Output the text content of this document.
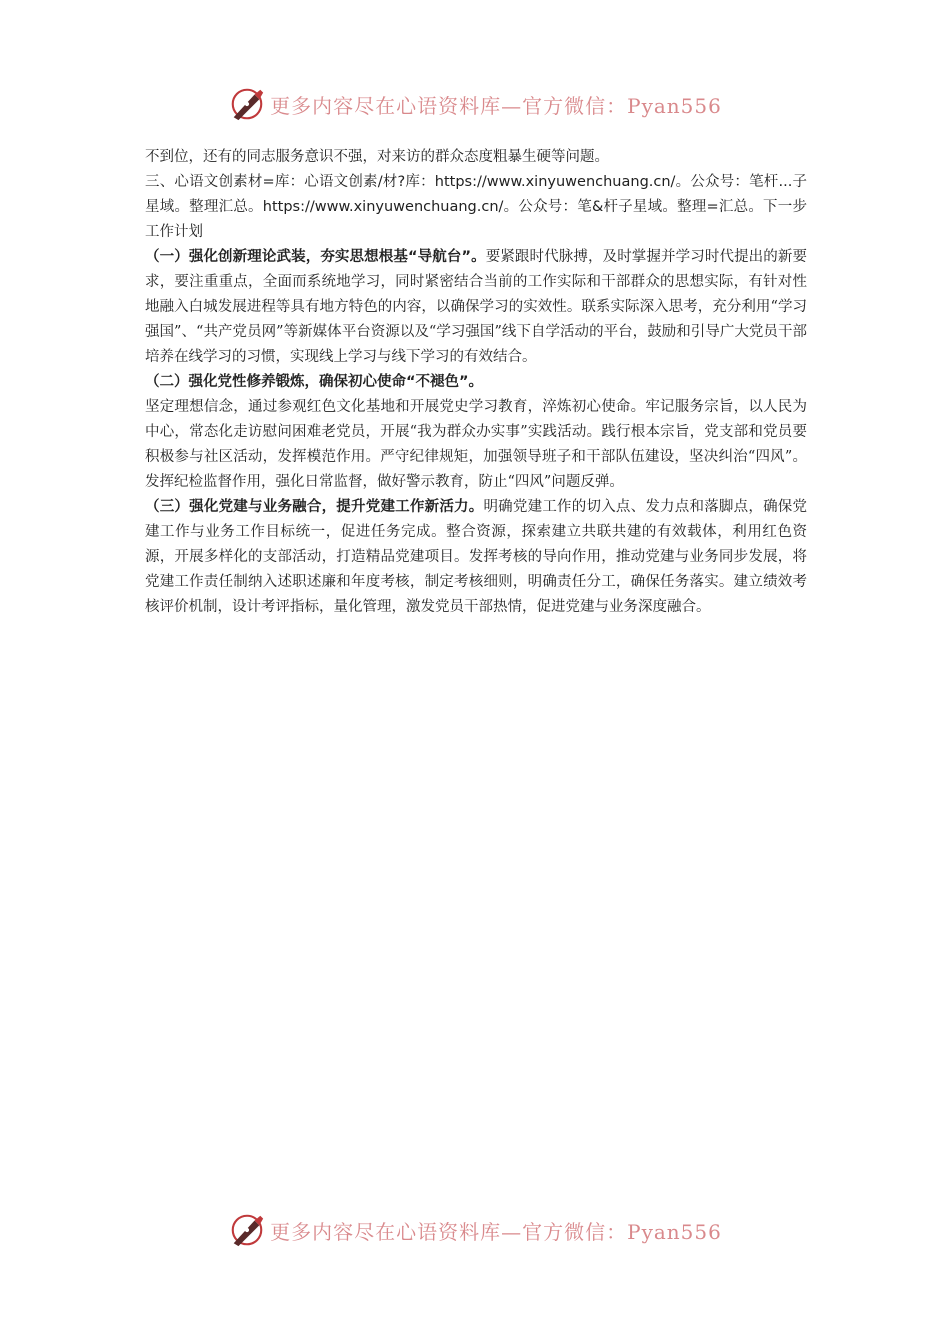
更多内容尽在心语资料库—官方微信：Pyan556

不到位，还有的同志服务意识不强，对来访的群众态度粗暴生硬等问题。

三、心语文创素材=库：心语文创素/材?库：https://www.xinyuwenchuang.cn/。公众号：笔杆...子星域。整理汇总。https://www.xinyuwenchuang.cn/。公众号：笔&杆子星域。整理=汇总。下一步工作计划

（一）强化创新理论武装，夯实思想根基“导航台”。要紧跟时代脉搏，及时掌握并学习时代提出的新要求，要注重重点，全面而系统地学习，同时紧密结合当前的工作实际和干部群众的思想实际，有针对性地融入白城发展进程等具有地方特色的内容，以确保学习的实效性。联系实际深入思考，充分利用“学习强国”、“共产党员网”等新媒体平台资源以及“学习强国”线下自学活动的平台，鼓励和引导广大党员干部培养在线学习的习惯，实现线上学习与线下学习的有效结合。

（二）强化党性修养锻炼，确保初心使命“不褪色”。

坚定理想信念，通过参观红色文化基地和开展党史学习教育，淬炼初心使命。牢记服务宗旨，以人民为中心，常态化走访慰问困难老党员，开展“我为群众办实事”实践活动。践行根本宗旨，党支部和党员要积极参与社区活动，发挥模范作用。严守纪律规矩，加强领导班子和干部队伍建设，坚决纠治“四风”。发挥纪检监督作用，强化日常监督，做好警示教育，防止“四风”问题反弹。

（三）强化党建与业务融合，提升党建工作新活力。明确党建工作的切入点、发力点和落脚点，确保党建工作与业务工作目标统一，促进任务完成。整合资源，探索建立共联共建的有效载体，利用红色资源，开展多样化的支部活动，打造精品党建项目。发挥考核的导向作用，推动党建与业务同步发展，将党建工作责任制纳入述职述廉和年度考核，制定考核细则，明确责任分工，确保任务落实。建立绩效考核评价机制，设计考评指标，量化管理，激发党员干部热情，促进党建与业务深度融合。

更多内容尽在心语资料库—官方微信：Pyan556
